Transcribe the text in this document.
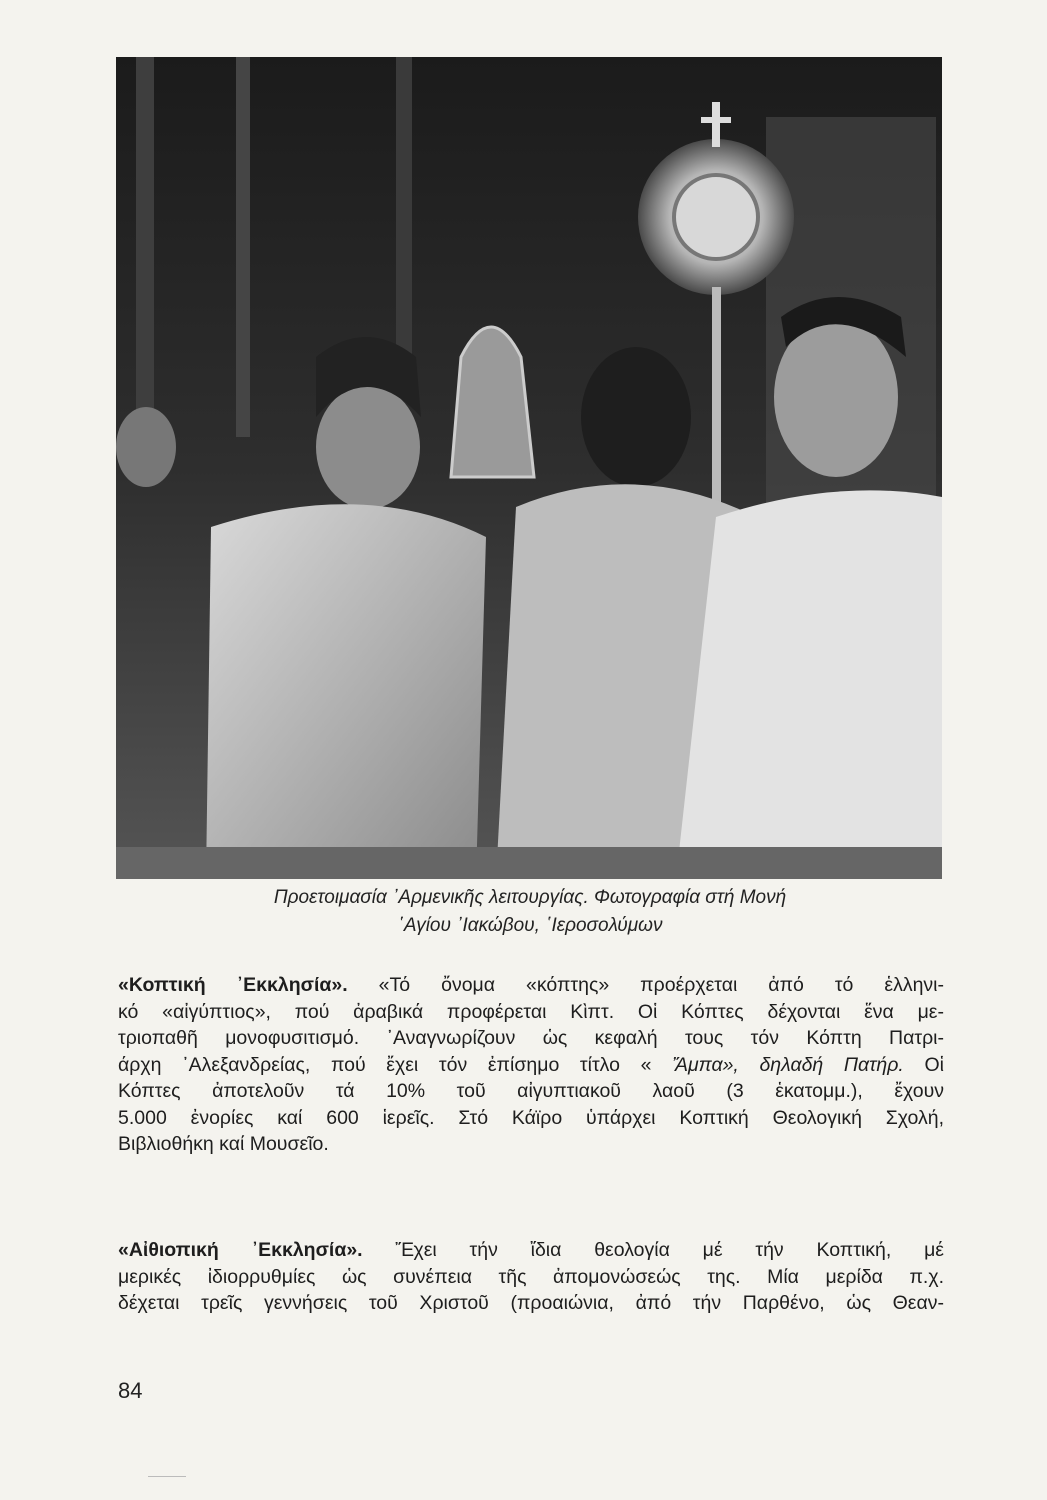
Προετοιμασία ᾿Αρμενικῆς λειτουργίας. Φωτογραφία στή Μονή
῾Αγίου ᾿Ιακώβου, ῾Ιεροσολύμων
«Κοπτική ᾿Εκκλησία». «Τό ὄνομα «κόπτης» προέρχεται ἀπό τό ἑλληνι-
κό «αἰγύπτιος», πού ἀραβικά προφέρεται Κὶπτ. Οἱ Κόπτες δέχονται ἕνα με-
τριοπαθῆ μονοφυσιτισμό. ᾿Αναγνωρίζουν ὡς κεφαλή τους τόν Κόπτη Πατρι-
άρχη ᾿Αλεξανδρείας, πού ἔχει τόν ἐπίσημο τίτλο « Ἄμπα», δηλαδή Πατήρ. Οἱ
Κόπτες ἀποτελοῦν τά 10% τοῦ αἰγυπτιακοῦ λαοῦ (3 ἑκατομμ.), ἔχουν
5.000 ἐνορίες καί 600 ἱερεῖς. Στό Κάϊρο ὑπάρχει Κοπτική Θεολογική Σχολή,
Βιβλιοθήκη καί Μουσεῖο.
«Αἰθιοπική ᾿Εκκλησία». Ἔχει τήν ἴδια θεολογία μέ τήν Κοπτική, μέ
μερικές ἰδιορρυθμίες ὡς συνέπεια τῆς ἀπομονώσεώς της. Μία μερίδα π.χ.
δέχεται τρεῖς γεννήσεις τοῦ Χριστοῦ (προαιώνια, ἀπό τήν Παρθένο, ὡς Θεαν-
84
